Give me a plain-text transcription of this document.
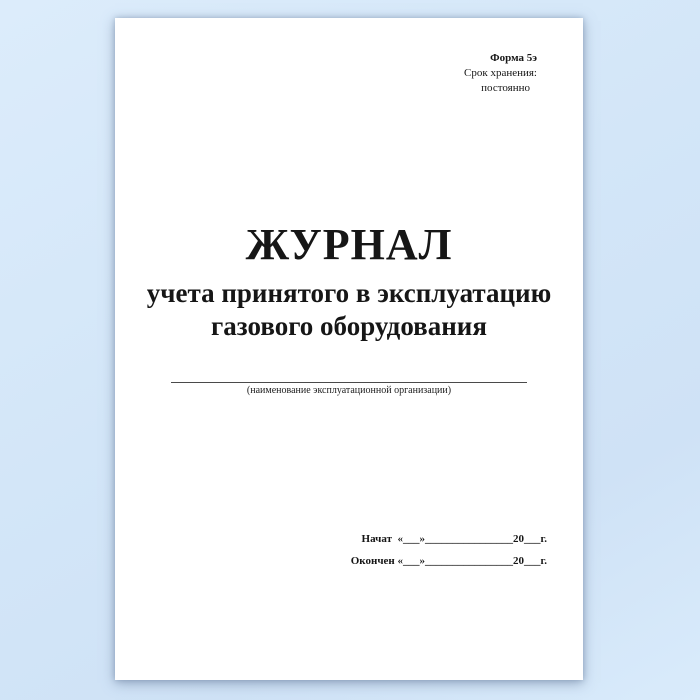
Форма 5э
Срок хранения:
постоянно
ЖУРНАЛ
учета принятого в эксплуатацию
газового оборудования
(наименование эксплуатационной организации)
Начат  «___»________________20___г.
Окончен «___»________________20___г.
